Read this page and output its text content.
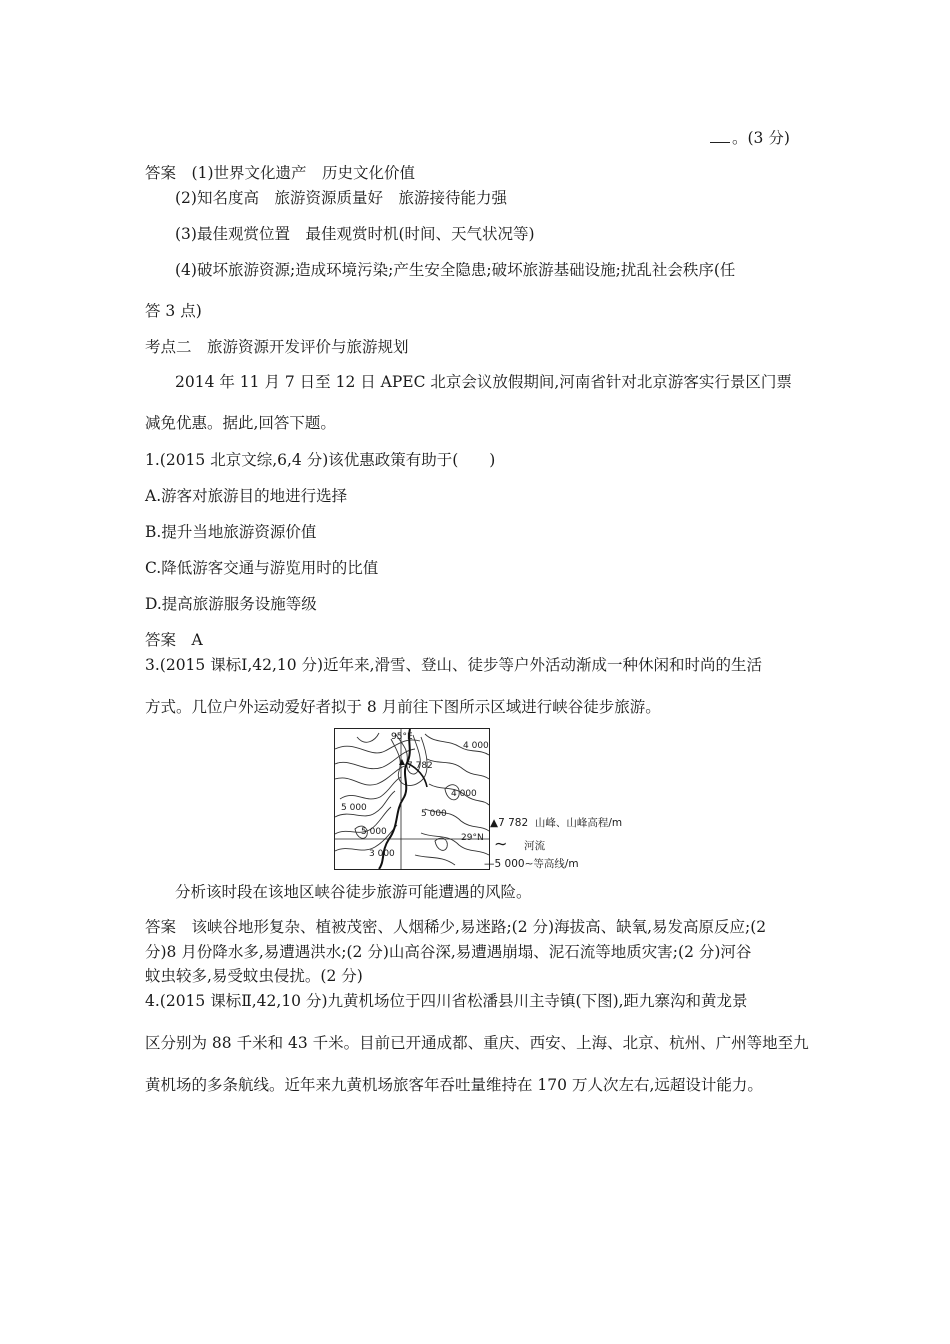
。(3 分)
答案　 (1)世界文化遗产　历史文化价值
(2)知名度高　旅游资源质量好　旅游接待能力强
(3)最佳观赏位置　最佳观赏时机(时间、天气状况等)
(4)破坏旅游资源;造成环境污染;产生安全隐患;破坏旅游基础设施;扰乱社会秩序(任
答 3 点)
考点二　旅游资源开发评价与旅游规划
2014 年 11 月 7 日至 12 日 APEC 北京会议放假期间,河南省针对北京游客实行景区门票
减免优惠。据此,回答下题。
1.(2015 北京文综,6,4 分)该优惠政策有助于(　　)
A.游客对旅游目的地进行选择
B.提升当地旅游资源价值
C.降低游客交通与游览用时的比值
D.提高旅游服务设施等级
答案　 A
3.(2015 课标Ⅰ,42,10 分)近年来,滑雪、登山、徒步等户外活动渐成一种休闲和时尚的生活
方式。几位户外运动爱好者拟于 8 月前往下图所示区域进行峡谷徒步旅游。
95°E
29°N
7 782
5 000
4 000
5 000
5 000
3 000
4 000
▲7 782 山峰、山峰高程/m
∼ 河流
—5 000∼等高线/m
分析该时段在该地区峡谷徒步旅游可能遭遇的风险。
答案　 该峡谷地形复杂、植被茂密、人烟稀少,易迷路;(2 分)海拔高、缺氧,易发高原反应;(2
分)8 月份降水多,易遭遇洪水;(2 分)山高谷深,易遭遇崩塌、泥石流等地质灾害;(2 分)河谷
蚊虫较多,易受蚊虫侵扰。(2 分)
4.(2015 课标Ⅱ,42,10 分)九黄机场位于四川省松潘县川主寺镇(下图),距九寨沟和黄龙景
区分别为 88 千米和 43 千米。目前已开通成都、重庆、西安、上海、北京、杭州、广州等地至九
黄机场的多条航线。近年来九黄机场旅客年吞吐量维持在 170 万人次左右,远超设计能力。
